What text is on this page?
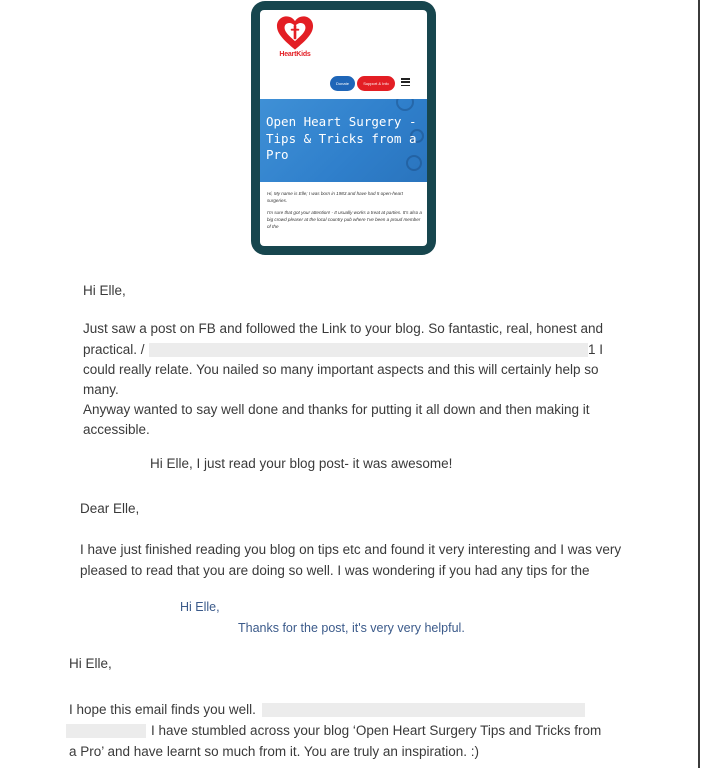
HeartKids
Donate	Support & Info
Open Heart Surgery - Tips & Tricks from a Pro

Hi, My name is Elle; I was born in 1983 and have had 5 open-heart surgeries.

I'm sure that got your attention! - It usually works a treat at parties. It's also a big crowd pleaser at the local country pub where I've been a proud member of the

Hi Elle,
Just saw a post on FB and followed the Link to your blog. So fantastic, real, honest and
practical. /	1 I
could really relate. You nailed so many important aspects and this will certainly help so
many.
Anyway wanted to say well done and thanks for putting it all down and then making it
accessible.
Hi Elle, I just read your blog post- it was awesome!
Dear Elle,
I have just finished reading you blog on tips etc and found it very interesting and I was very
pleased to read that you are doing so well. I was wondering if you had any tips for the
Hi Elle,
Thanks for the post, it's very very helpful.
Hi Elle,
I hope this email finds you well.
I have stumbled across your blog ‘Open Heart Surgery Tips and Tricks from
a Pro’ and have learnt so much from it. You are truly an inspiration. :)
